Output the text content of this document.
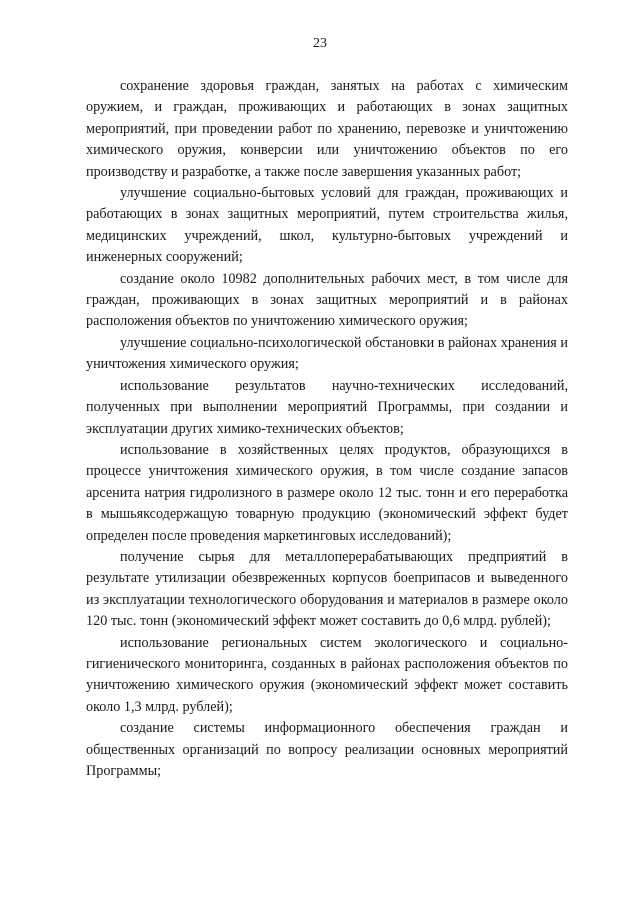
23

сохранение здоровья граждан, занятых на работах с химическим оружием, и граждан, проживающих и работающих в зонах защитных мероприятий, при проведении работ по хранению, перевозке и уничтожению химического оружия, конверсии или уничтожению объектов по его производству и разработке, а также после завершения указанных работ;

улучшение социально-бытовых условий для граждан, проживающих и работающих в зонах защитных мероприятий, путем строительства жилья, медицинских учреждений, школ, культурно-бытовых учреждений и инженерных сооружений;

создание около 10982 дополнительных рабочих мест, в том числе для граждан, проживающих в зонах защитных мероприятий и в районах расположения объектов по уничтожению химического оружия;

улучшение социально-психологической обстановки в районах хранения и уничтожения химического оружия;

использование результатов научно-технических исследований, полученных при выполнении мероприятий Программы, при создании и эксплуатации других химико-технических объектов;

использование в хозяйственных целях продуктов, образующихся в процессе уничтожения химического оружия, в том числе создание запасов арсенита натрия гидролизного в размере около 12 тыс. тонн и его переработка в мышьяксодержащую товарную продукцию (экономический эффект будет определен после проведения маркетинговых исследований);

получение сырья для металлоперерабатывающих предприятий в результате утилизации обезвреженных корпусов боеприпасов и выведенного из эксплуатации технологического оборудования и материалов в размере около 120 тыс. тонн (экономический эффект может составить до 0,6 млрд. рублей);

использование региональных систем экологического и социально-гигиенического мониторинга, созданных в районах расположения объектов по уничтожению химического оружия (экономический эффект может составить около 1,3 млрд. рублей);

создание системы информационного обеспечения граждан и общественных организаций по вопросу реализации основных мероприятий Программы;
